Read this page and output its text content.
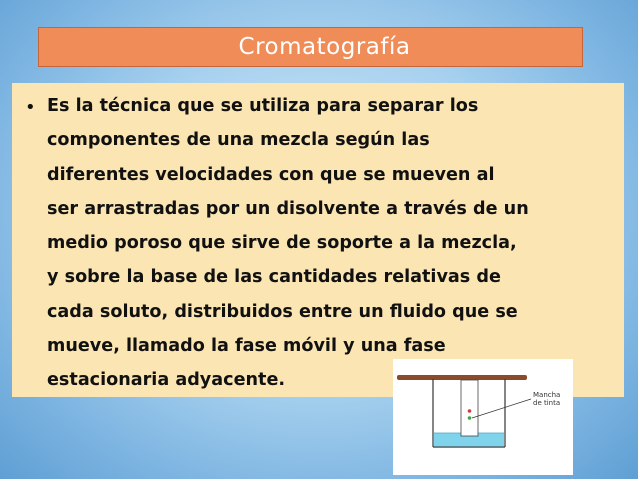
Cromatografía
• Es la técnica que se utiliza para separar los
componentes de una mezcla según las
diferentes velocidades con que se mueven al
ser arrastradas por un disolvente a través de un
medio poroso que sirve de soporte a la mezcla,
y sobre la base de las cantidades relativas de
cada soluto, distribuidos entre un fluido que se
mueve, llamado la fase móvil y una fase
estacionaria adyacente.
Mancha
de tinta
